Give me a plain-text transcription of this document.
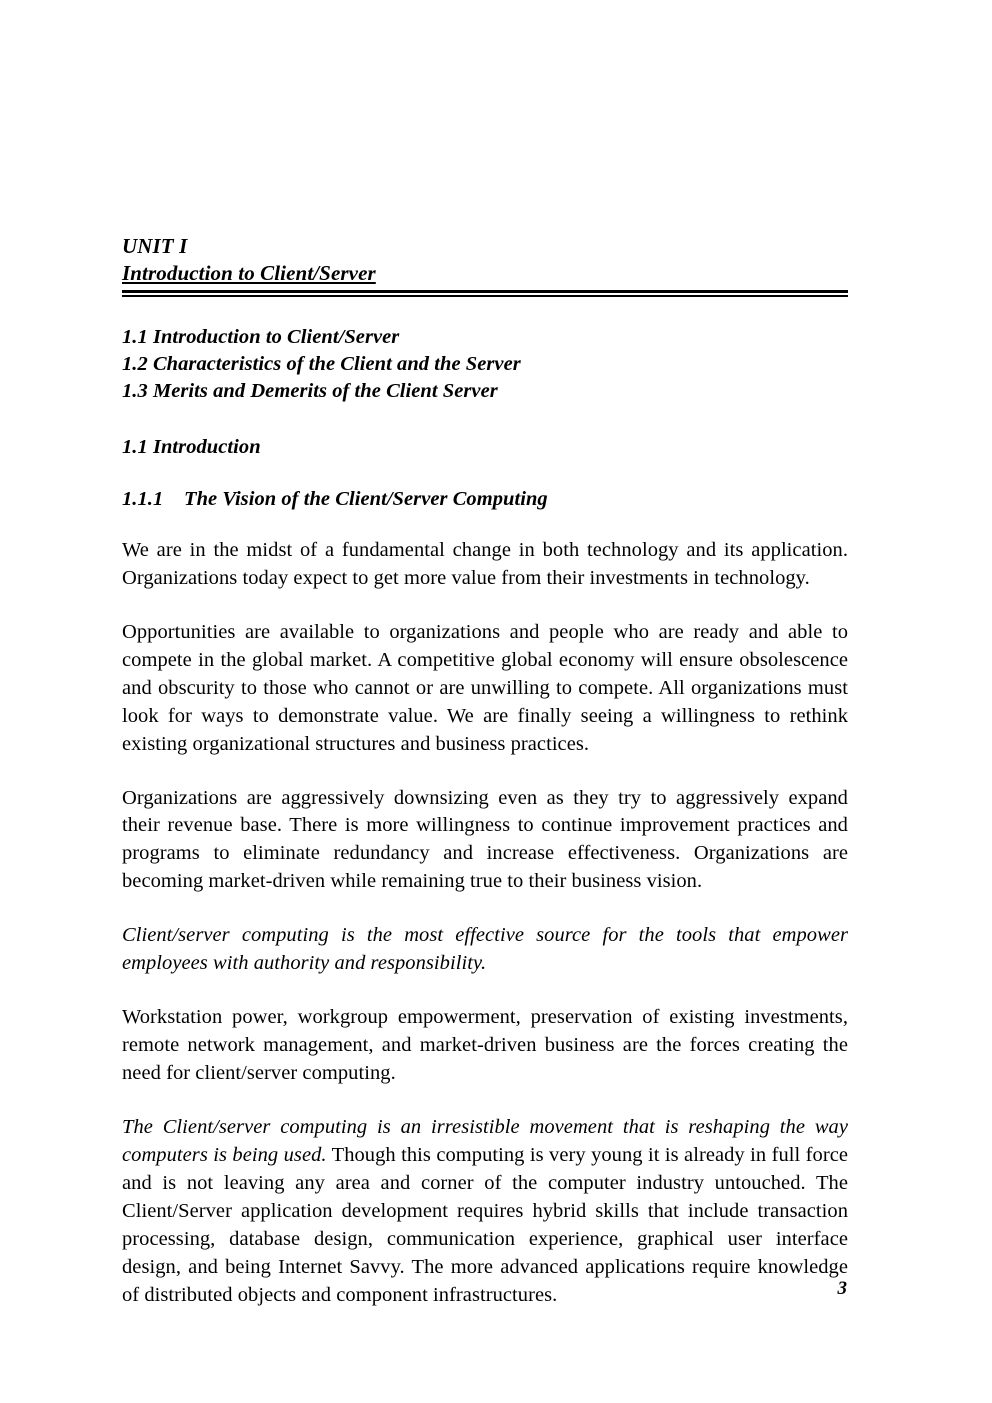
UNIT I
Introduction to Client/Server
1.1 Introduction to Client/Server
1.2 Characteristics of the Client and the Server
1.3 Merits and Demerits of the Client Server
1.1 Introduction
1.1.1 The Vision of the Client/Server Computing

We are in the midst of a fundamental change in both technology and its application. Organizations today expect to get more value from their investments in technology.

Opportunities are available to organizations and people who are ready and able to compete in the global market. A competitive global economy will ensure obsolescence and obscurity to those who cannot or are unwilling to compete. All organizations must look for ways to demonstrate value. We are finally seeing a willingness to rethink existing organizational structures and business practices.

Organizations are aggressively downsizing even as they try to aggressively expand their revenue base. There is more willingness to continue improvement practices and programs to eliminate redundancy and increase effectiveness. Organizations are becoming market-driven while remaining true to their business vision.

Client/server computing is the most effective source for the tools that empower employees with authority and responsibility.

Workstation power, workgroup empowerment, preservation of existing investments, remote network management, and market-driven business are the forces creating the need for client/server computing.

The Client/server computing is an irresistible movement that is reshaping the way computers is being used. Though this computing is very young it is already in full force and is not leaving any area and corner of the computer industry untouched. The Client/Server application development requires hybrid skills that include transaction processing, database design, communication experience, graphical user interface design, and being Internet Savvy. The more advanced applications require knowledge of distributed objects and component infrastructures.	3
